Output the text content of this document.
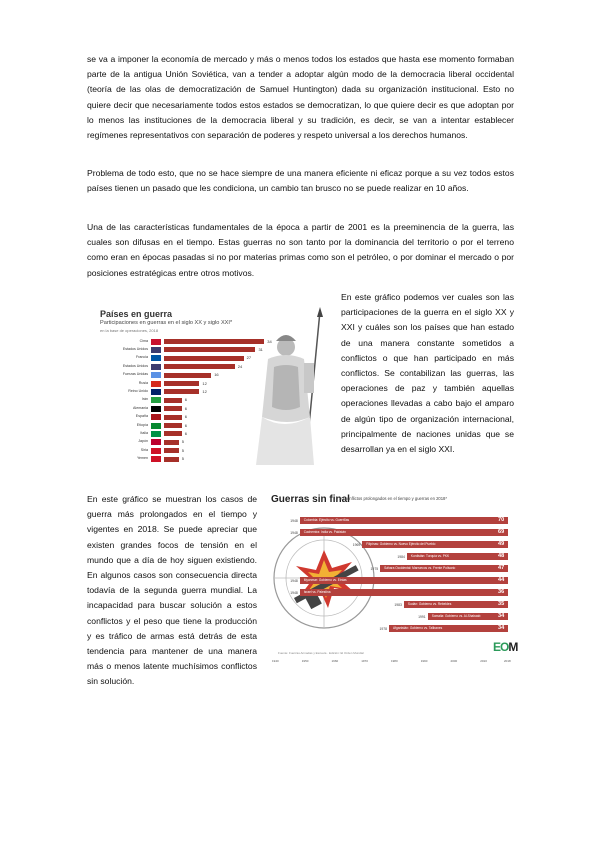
se va a imponer la economía de mercado y más o menos todos los estados que hasta ese momento formaban parte de la antigua Unión Soviética, van a tender a adoptar algún modo de la democracia liberal occidental (teoría de las olas de democratización de Samuel Huntington) dada su organización institucional. Esto no quiere decir que necesariamente todos estos estados se democratizan, lo que quiere decir es que adoptan por lo menos las instituciones de la democracia liberal y su tradición, es decir, se van a intentar establecer regímenes representativos con separación de poderes y respeto universal a los derechos humanos.

Problema de todo esto, que no se hace siempre de una manera eficiente ni eficaz porque a su vez todos estos países tienen un pasado que les condiciona, un cambio tan brusco no se puede realizar en 10 años.

Una de las características fundamentales de la época a partir de 2001 es la preeminencia de la guerra, las cuales son difusas en el tiempo. Estas guerras no son tanto por la dominancia del territorio o por el terreno como eran en épocas pasadas si no por materias primas como son el petróleo, o por dominar el mercado o por posiciones estratégicas entre otros motivos.

En este gráfico podemos ver cuales son las participaciones de la guerra en el siglo XX y XXI y cuáles son los países que han estado de una manera constante sometidos a conflictos o que han participado en más conflictos. Se contabilizan las guerras, las operaciones de paz y también aquellas operaciones llevadas a cabo bajo el amparo de algún tipo de organización internacional, principalmente de naciones unidas que se desarrollan ya en el siglo XXI.

En este gráfico se muestran los casos de guerra más prolongados en el tiempo y vigentes en 2018. Se puede apreciar que existen grandes focos de tensión en el mundo que a día de hoy siguen existiendo. En algunos casos son consecuencia directa todavía de la segunda guerra mundial. La incapacidad para buscar solución a estos conflictos y el peso que tiene la producción y es tráfico de armas está detrás de esta tendencia para mantener de una manera más o menos latente muchísimos conflictos sin solución.

Países en guerra
Participaciones en guerras en el siglo XX y siglo XXI*
en la base de operaciones, 2018
Cima	34
Estados Unidos	31
Francia	27
Estados Unidos	24
Fuerzas Unidas	16
Rusia	12
Reino Unido	12
Irán	6
Alemania	6
España	6
Etiopía	6
Italia	6
Japón	5
Siria	5
Yemen	5
Guerras sin final
10 conflictos prolongados en el tiempo y guerras en 2018*
1948	Colombia: Ejército vs. Guerrillas	70
1948	Cachemira: India vs. Pakistán	69
1969	Filipinas: Gobierno vs. Nuevo Ejército del Pueblo	49
1984	Kurdistán: Turquía vs. PKK	48
1975	Sáhara Occidental: Marruecos vs. Frente Polisario	47
1948	Myanmar: Gobierno vs. Etnias	44
1948	Israel vs. Palestina	36
1983	Sudán: Gobierno vs. Rebeldes	35
1991	Somalia: Gobierno vs. Al-Shabaab	34
1978	Afganistán: Gobierno vs. Talibanes	34
1940	1950	1960	1970	1980	1990	2000	2010	2018
Fuente: Fuerzas Armadas y Escuela · Edición: El Orden Mundial	EOM
